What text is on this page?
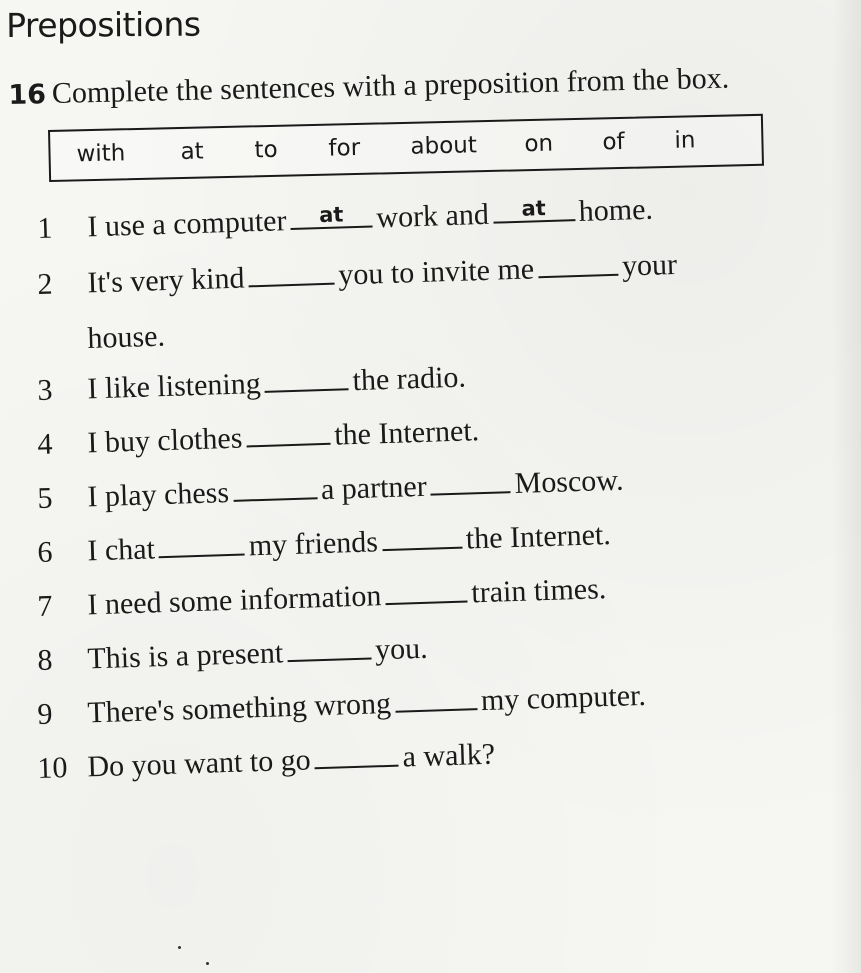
Prepositions
16 Complete the sentences with a preposition from the box.
with at to for about on of in
1 I use a computer	at	work and	at	home.
2 It's very kind	you to invite me	your
house.
3 I like listening	the radio.
4 I buy clothes	the Internet.
5 I play chess	a partner	Moscow.
6 I chat	my friends	the Internet.
7 I need some information	train times.
8 This is a present	you.
9 There's something wrong	my computer.
10 Do you want to go	a walk?
